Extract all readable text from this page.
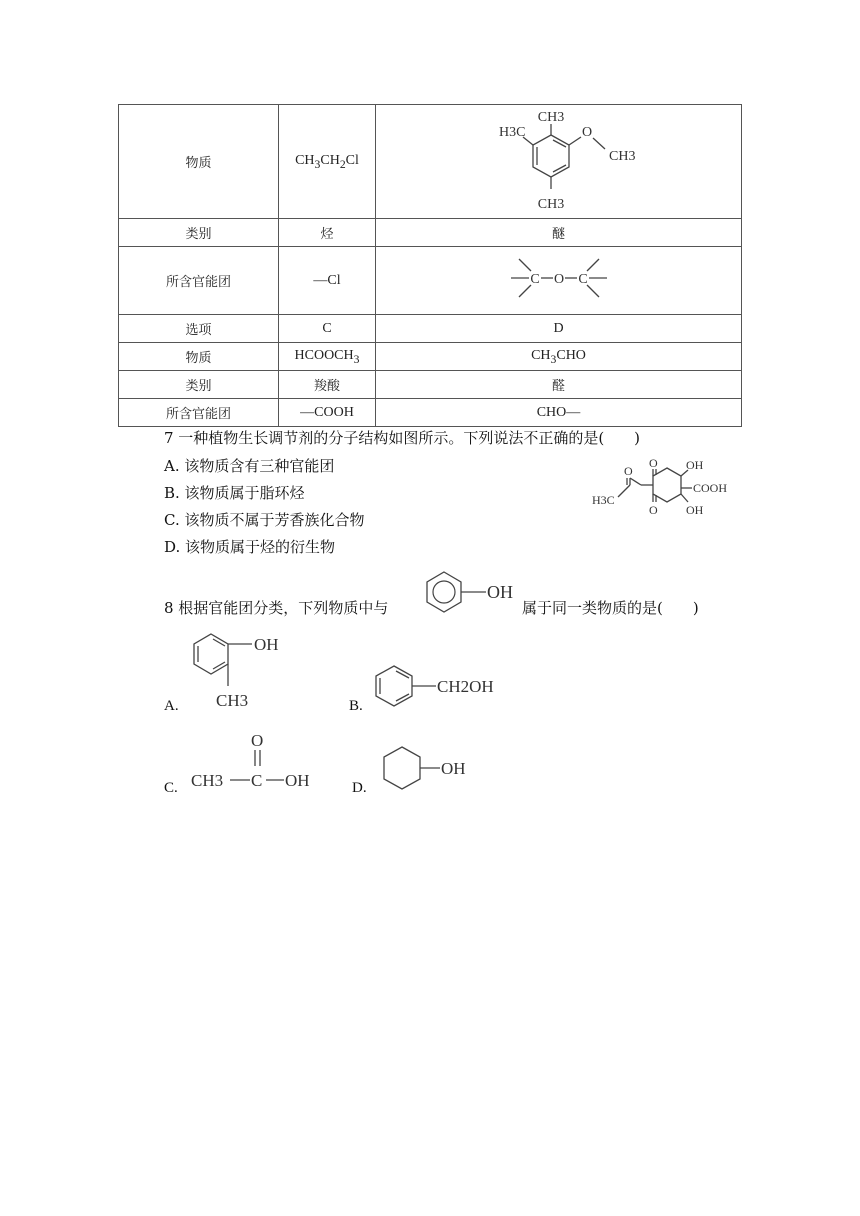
物质	$CH_3CH_2Cl$	CH3
H3C O
CH3
CH3

类别	烃	醚
所含官能团	—Cl	C O C

选项	C	D
物质	$HCOOCH_3$	$CH_3CHO$
类别	羧酸	醛
所含官能团	—COOH	CHO—
7 一种植物生长调节剂的分子结构如图所示。下列说法不正确的是(　　)
A. 该物质含有三种官能团
B. 该物质属于脂环烃
C. 该物质不属于芳香族化合物
D. 该物质属于烃的衍生物
O
O OH
COOH
H3C
O OH
8 根据官能团分类，下列物质中与
OH
属于同一类物质的是(　　)
A.
OH
CH3	B.
CH2OH
C. CH3 C
O
OH	D.
OH
